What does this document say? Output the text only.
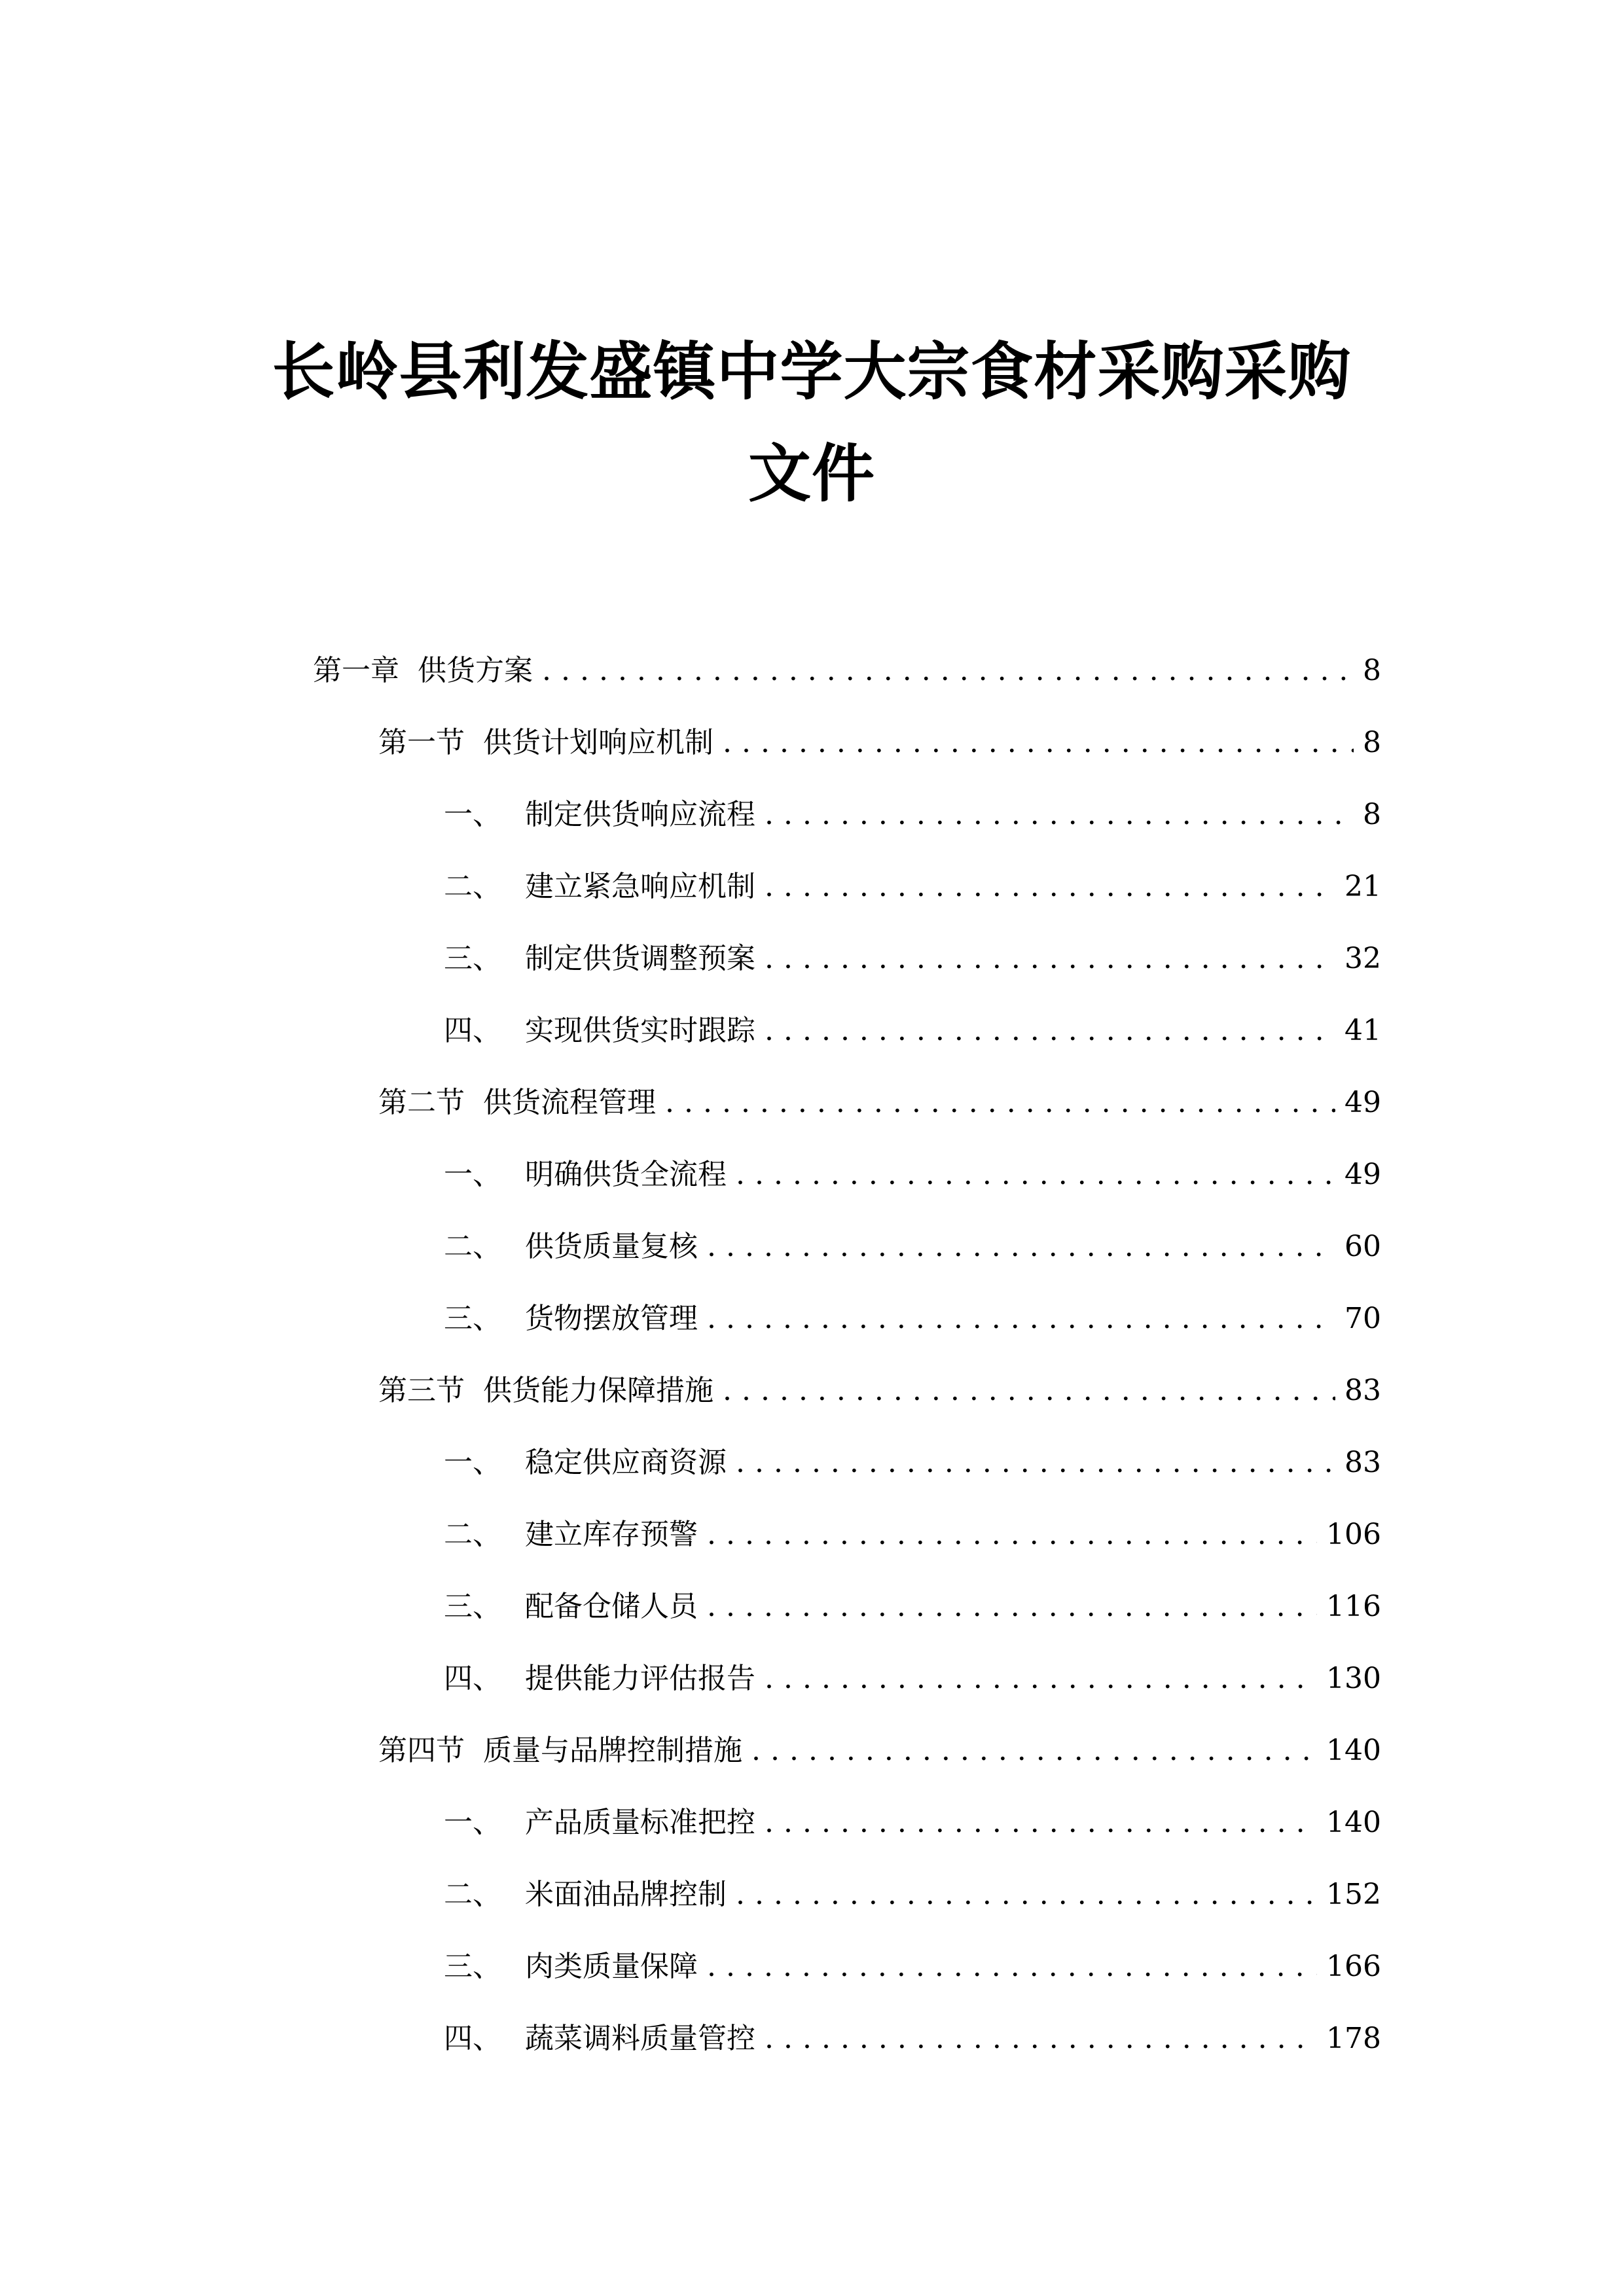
长岭县利发盛镇中学大宗食材采购采购文件
第一章 供货方案 .....	8
第一节 供货计划响应机制 .....	8
一、 制定供货响应流程 .....	8
二、 建立紧急响应机制 .....	21
三、 制定供货调整预案 .....	32
四、 实现供货实时跟踪 .....	41
第二节 供货流程管理 .....	49
一、 明确供货全流程 .....	49
二、 供货质量复核 .....	60
三、 货物摆放管理 .....	70
第三节 供货能力保障措施 .....	83
一、 稳定供应商资源 .....	83
二、 建立库存预警 .....	106
三、 配备仓储人员 .....	116
四、 提供能力评估报告 .....	130
第四节 质量与品牌控制措施 .....	140
一、 产品质量标准把控 .....	140
二、 米面油品牌控制 .....	152
三、 肉类质量保障 .....	166
四、 蔬菜调料质量管控 .....	178
